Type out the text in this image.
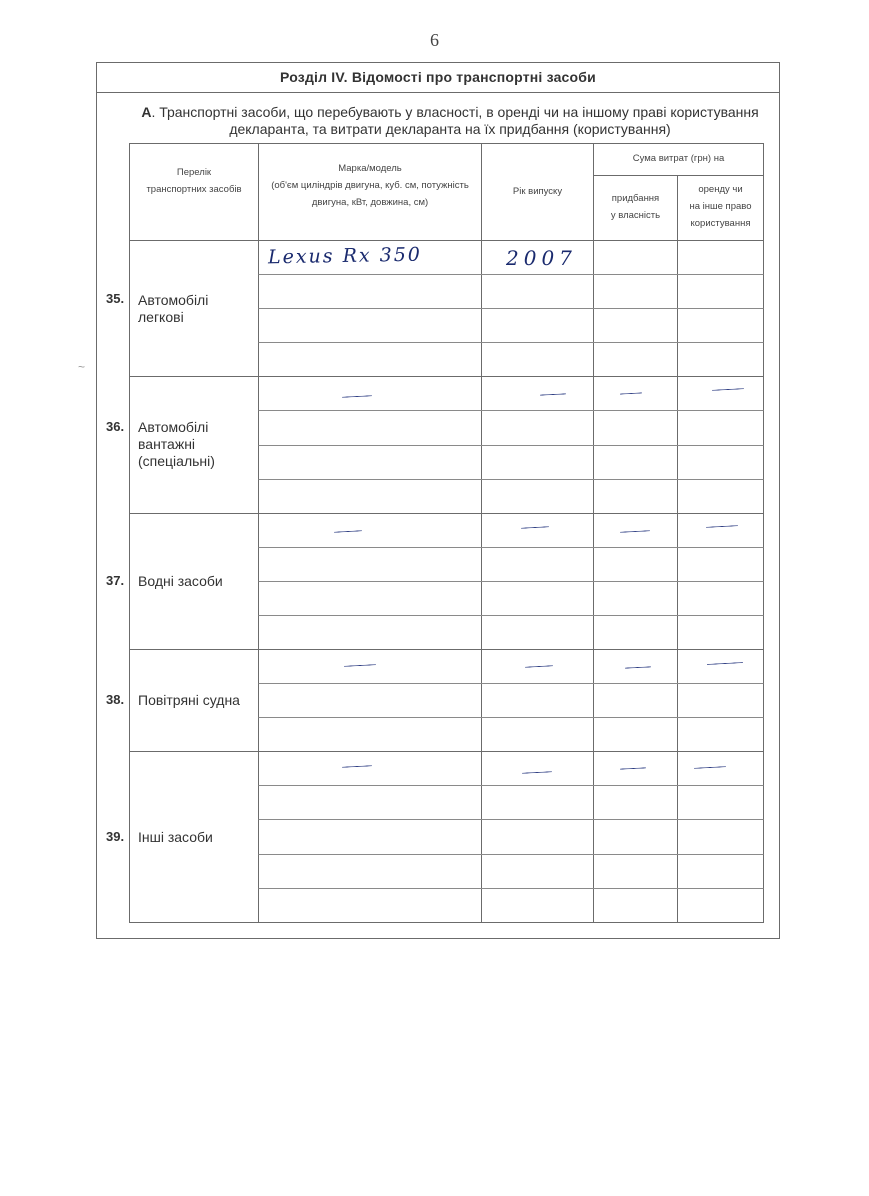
6
Розділ IV. Відомості про транспортні засоби
А. Транспортні засоби, що перебувають у власності, в оренді чи на іншому праві користування
декларанта, та витрати декларанта на їх придбання (користування)
Перелік
транспортних засобів
Марка/модель
(об'єм циліндрів двигуна, куб. см, потужність
двигуна, кВт, довжина, см)
Рік випуску
Сума витрат (грн) на
придбання
у власність
оренду чи
на інше право
користування
35. Автомобілі
легкові
36. Автомобілі
вантажні
(спеціальні)
37. Водні засоби
38. Повітряні судна
39. Інші засоби
Lexus Rx 350	2007
~
